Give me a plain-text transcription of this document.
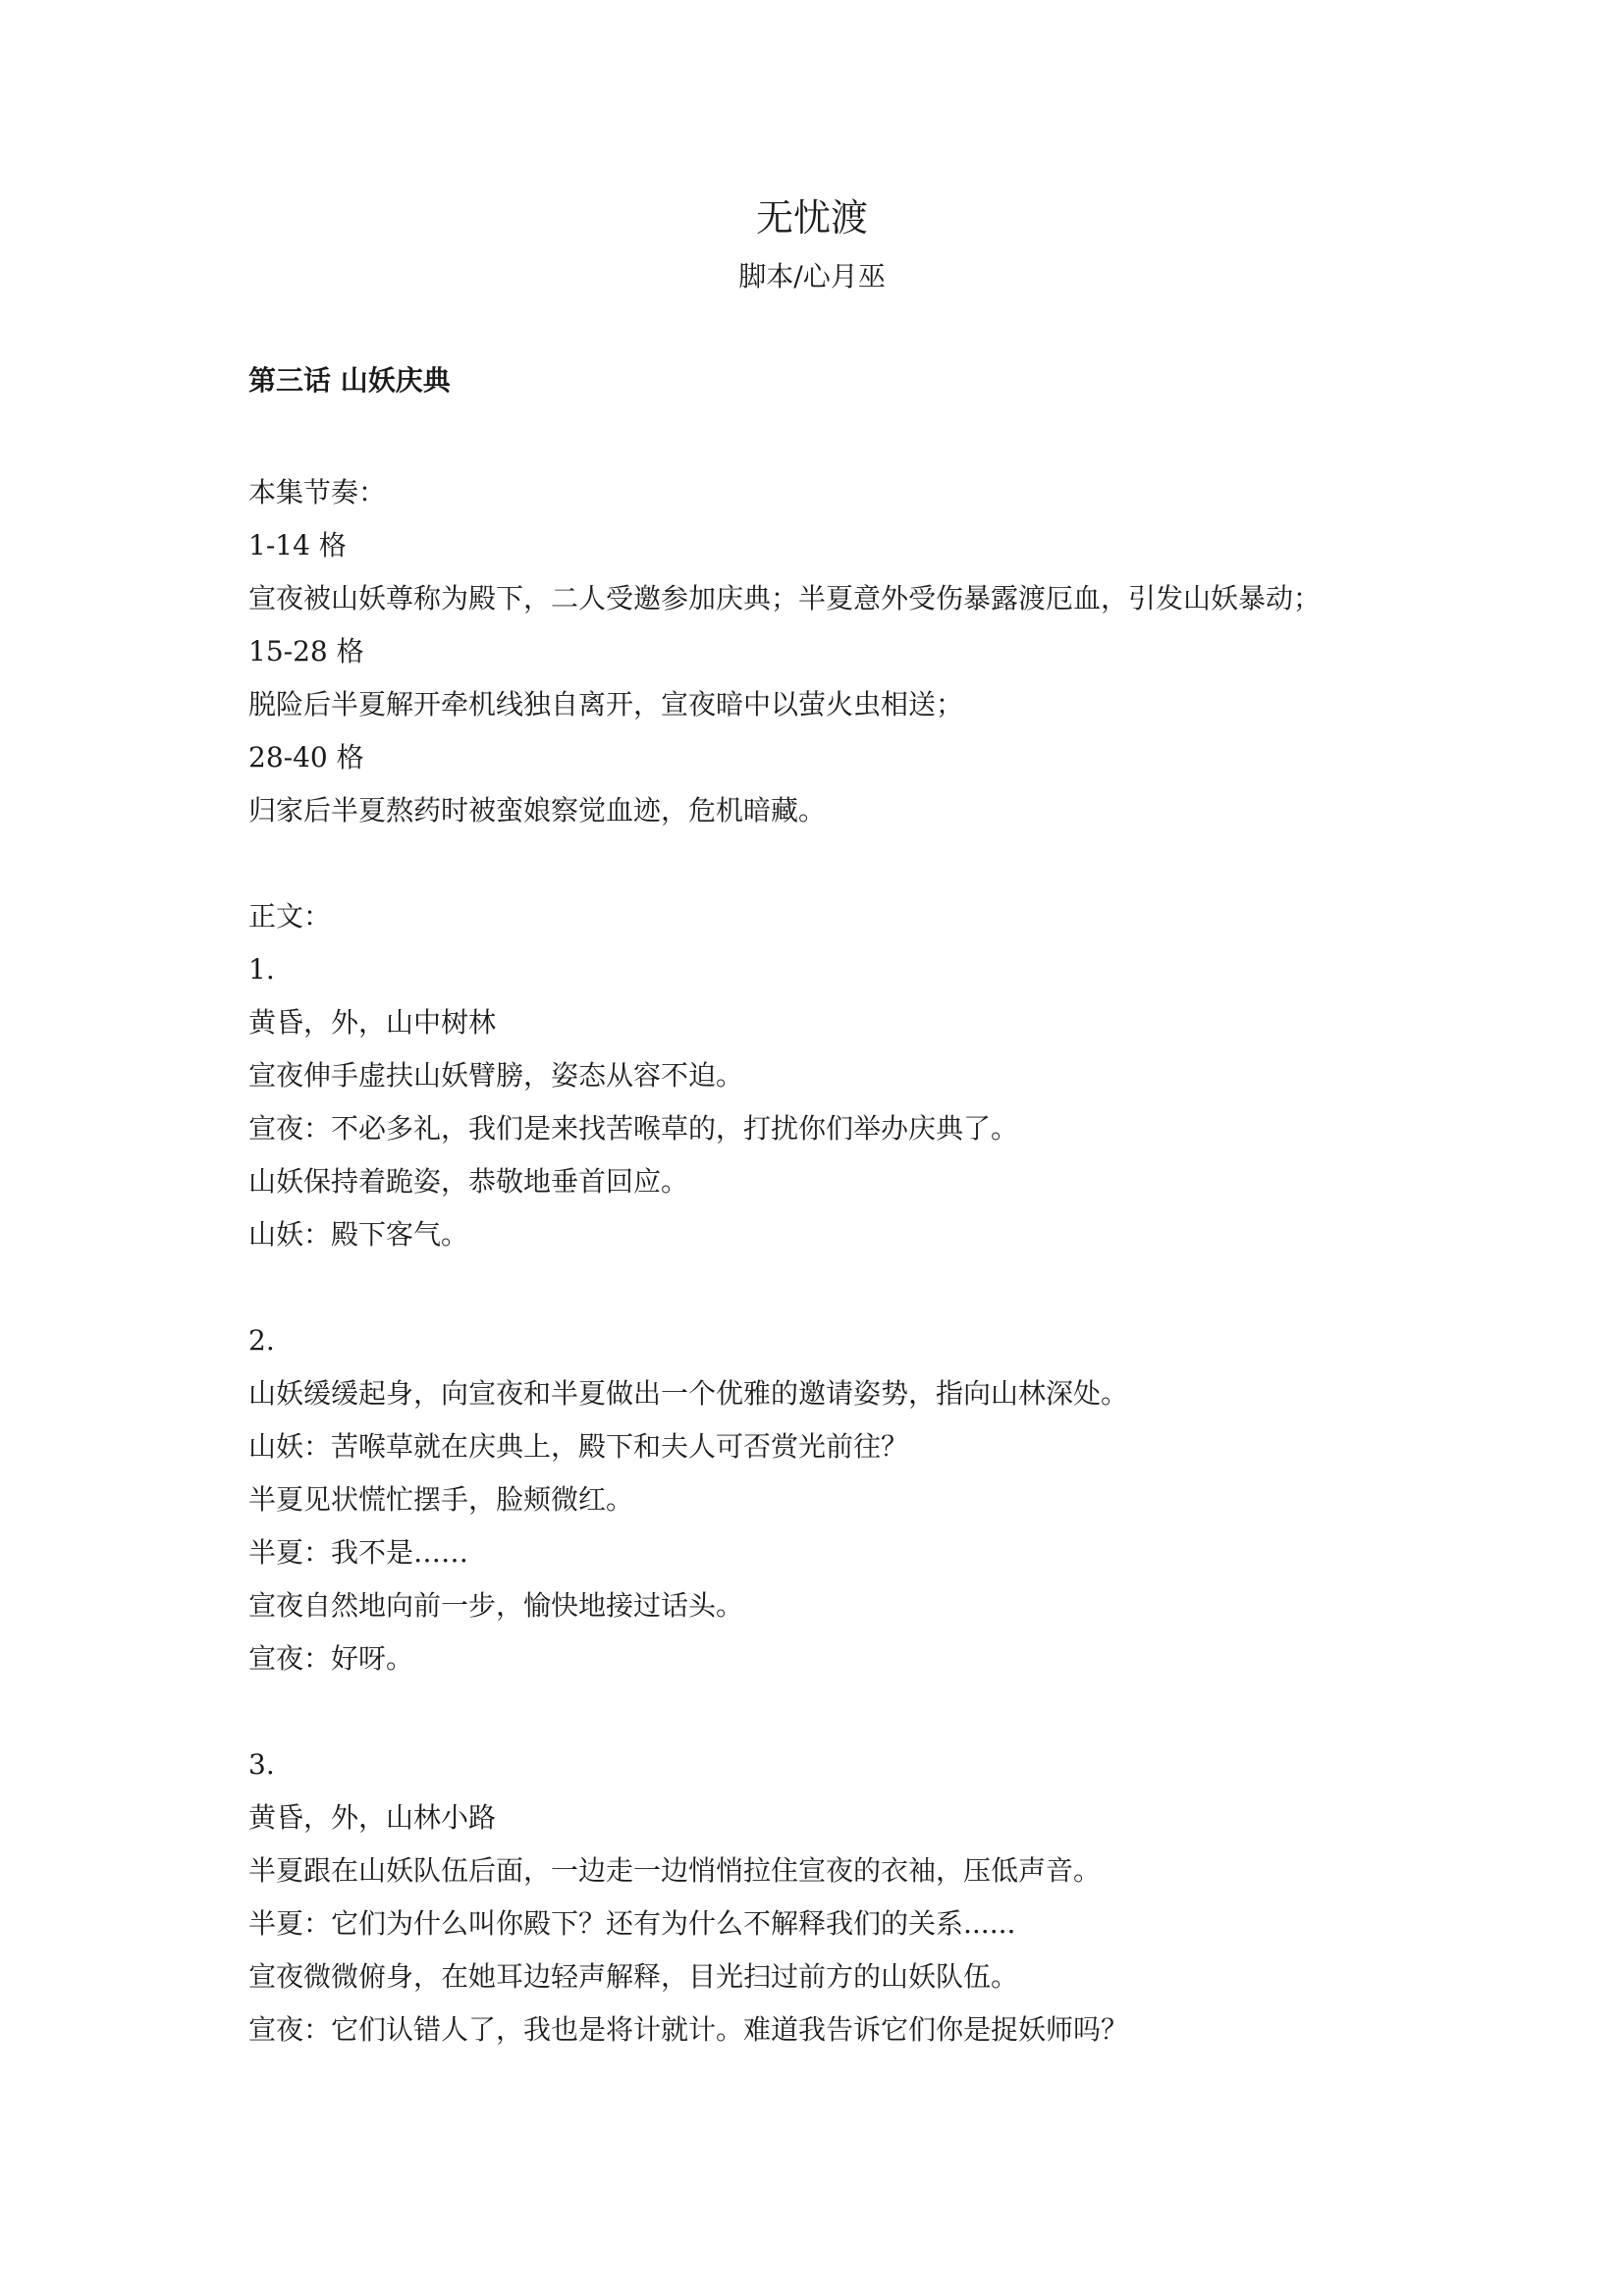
无忧渡
脚本/心月巫
第三话 山妖庆典
本集节奏：
1-14 格
宣夜被山妖尊称为殿下，二人受邀参加庆典；半夏意外受伤暴露渡厄血，引发山妖暴动；
15-28 格
脱险后半夏解开牵机线独自离开，宣夜暗中以萤火虫相送；
28-40 格
归家后半夏熬药时被蛮娘察觉血迹，危机暗藏。
正文：
1.
黄昏，外，山中树林
宣夜伸手虚扶山妖臂膀，姿态从容不迫。
宣夜：不必多礼，我们是来找苦喉草的，打扰你们举办庆典了。
山妖保持着跪姿，恭敬地垂首回应。
山妖：殿下客气。
2.
山妖缓缓起身，向宣夜和半夏做出一个优雅的邀请姿势，指向山林深处。
山妖：苦喉草就在庆典上，殿下和夫人可否赏光前往？
半夏见状慌忙摆手，脸颊微红。
半夏：我不是……
宣夜自然地向前一步，愉快地接过话头。
宣夜：好呀。
3.
黄昏，外，山林小路
半夏跟在山妖队伍后面，一边走一边悄悄拉住宣夜的衣袖，压低声音。
半夏：它们为什么叫你殿下？还有为什么不解释我们的关系......
宣夜微微俯身，在她耳边轻声解释，目光扫过前方的山妖队伍。
宣夜：它们认错人了，我也是将计就计。难道我告诉它们你是捉妖师吗？
